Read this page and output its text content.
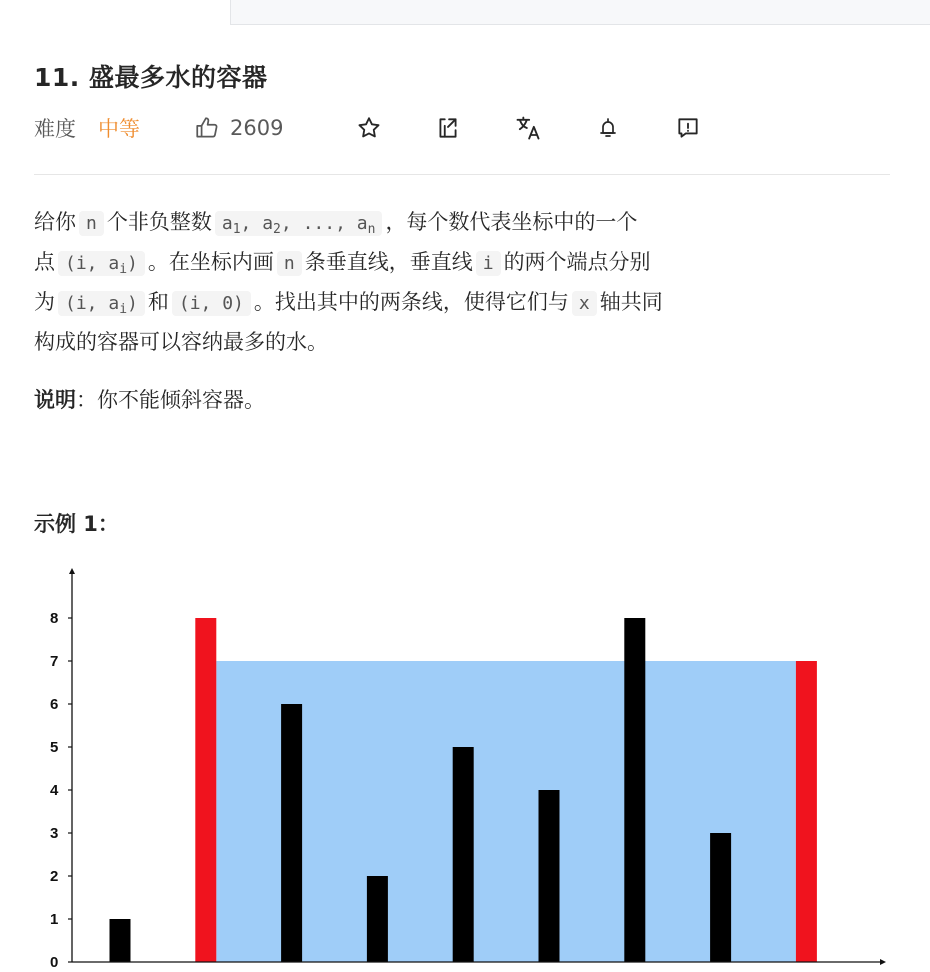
11. 盛最多水的容器
难度 中等	2609
给你 n 个非负整数 $a_1$, $a_2$, ..., $a_n$ ，每个数代表坐标中的一个
点 (i, $a_i$) 。在坐标内画 n 条垂直线，垂直线 i 的两个端点分别
为 (i, $a_i$) 和 (i, 0) 。找出其中的两条线，使得它们与 x 轴共同
构成的容器可以容纳最多的水。
说明：你不能倾斜容器。
示例 1：
0
1
2
3
4
5
6
7
8
